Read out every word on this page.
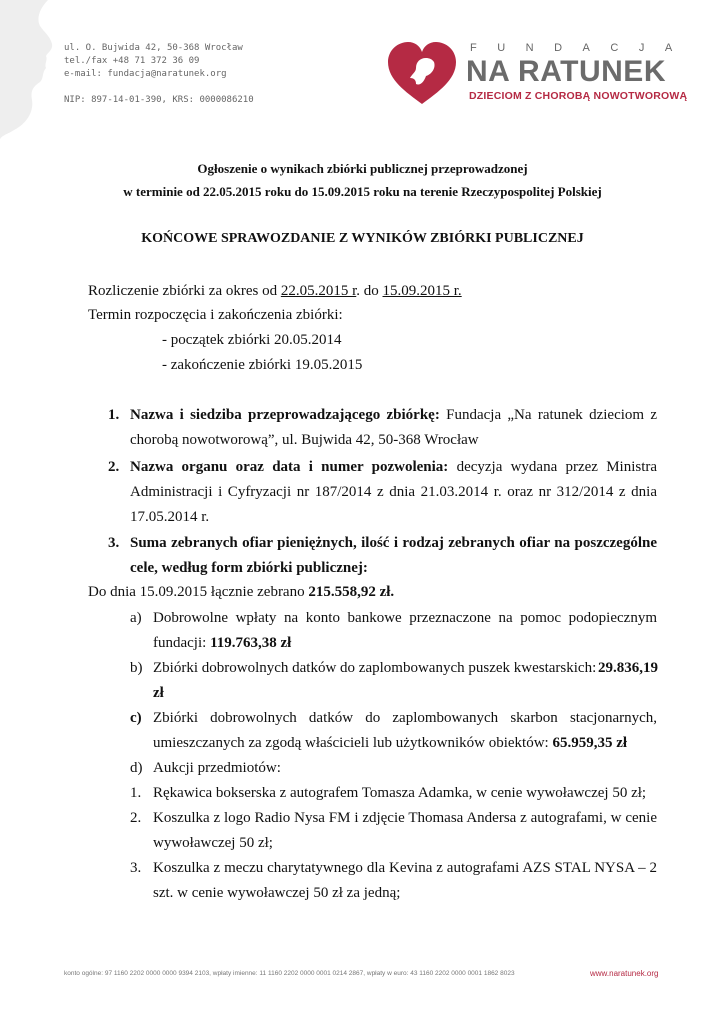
ul. O. Bujwida 42, 50-368 Wrocław
tel./fax +48 71 372 36 09
e-mail: fundacja@naratunek.org
NIP: 897-14-01-390, KRS: 0000086210
FUNDACJA
NA RATUNEK
DZIECIOM Z CHOROBĄ NOWOTWOROWĄ
Ogłoszenie o wynikach zbiórki publicznej przeprowadzonej
w terminie od 22.05.2015 roku do 15.09.2015 roku na terenie Rzeczypospolitej Polskiej
KOŃCOWE SPRAWOZDANIE Z WYNIKÓW ZBIÓRKI PUBLICZNEJ
Rozliczenie zbiórki za okres od 22.05.2015 r. do 15.09.2015 r.
Termin rozpoczęcia i zakończenia zbiórki:
- początek zbiórki 20.05.2014
- zakończenie zbiórki 19.05.2015
1. Nazwa i siedziba przeprowadzającego zbiórkę: Fundacja „Na ratunek dzieciom z
chorobą nowotworową”, ul. Bujwida 42, 50-368 Wrocław
2. Nazwa organu oraz data i numer pozwolenia: decyzja wydana przez Ministra
Administracji i Cyfryzacji nr 187/2014 z dnia 21.03.2014 r. oraz nr 312/2014 z dnia
17.05.2014 r.
3. Suma zebranych ofiar pieniężnych, ilość i rodzaj zebranych ofiar na poszczególne
cele, według form zbiórki publicznej:
Do dnia 15.09.2015 łącznie zebrano 215.558,92 zł.
a) Dobrowolne wpłaty na konto bankowe przeznaczone na pomoc podopiecznym
fundacji: 119.763,38 zł
b) Zbiórki dobrowolnych datków do zaplombowanych puszek kwestarskich: 29.836,19
zł
c) Zbiórki dobrowolnych datków do zaplombowanych skarbon stacjonarnych,
umieszczanych za zgodą właścicieli lub użytkowników obiektów: 65.959,35 zł
d) Aukcji przedmiotów:
1. Rękawica bokserska z autografem Tomasza Adamka, w cenie wywoławczej 50 zł;
2. Koszulka z logo Radio Nysa FM i zdjęcie Thomasa Andersa z autografami, w cenie
wywoławczej 50 zł;
3. Koszulka z meczu charytatywnego dla Kevina z autografami AZS STAL NYSA – 2
szt. w cenie wywoławczej 50 zł za jedną;
konto ogólne: 97 1160 2202 0000 0000 9394 2103, wpłaty imienne: 11 1160 2202 0000 0001 0214 2867, wpłaty w euro: 43 1160 2202 0000 0001 1862 8023	www.naratunek.org
